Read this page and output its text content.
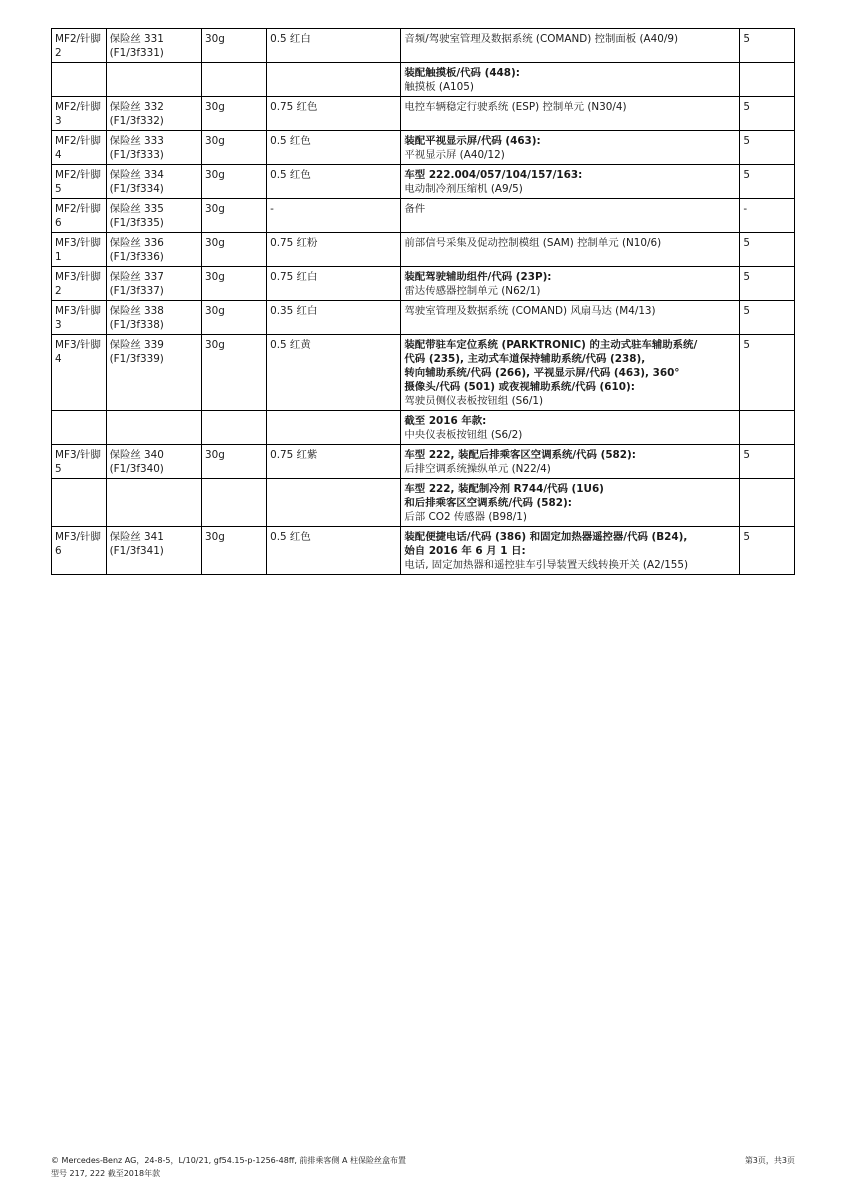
MF2/针脚
2	保险丝 331
(F1/3f331)	30g	0.5 红白	音频/驾驶室管理及数据系统 (COMAND) 控制面板 (A40/9)	5

				装配触摸板/代码 (448):
触摸板 (A105)	

MF2/针脚
3	保险丝 332
(F1/3f332)	30g	0.75 红色	电控车辆稳定行驶系统 (ESP) 控制单元 (N30/4)	5

MF2/针脚
4	保险丝 333
(F1/3f333)	30g	0.5 红色	装配平视显示屏/代码 (463):
平视显示屏 (A40/12)	5

MF2/针脚
5	保险丝 334
(F1/3f334)	30g	0.5 红色	车型 222.004/057/104/157/163:
电动制冷剂压缩机 (A9/5)	5

MF2/针脚
6	保险丝 335
(F1/3f335)	30g	-	备件	-

MF3/针脚 1	保险丝 336
(F1/3f336)	30g	0.75 红粉	前部信号采集及促动控制模组 (SAM) 控制单元 (N10/6)	5

MF3/针脚
2	保险丝 337
(F1/3f337)	30g	0.75 红白	装配驾驶辅助组件/代码 (23P):
雷达传感器控制单元 (N62/1)	5

MF3/针脚
3	保险丝 338
(F1/3f338)	30g	0.35 红白	驾驶室管理及数据系统 (COMAND) 风扇马达 (M4/13)	5

MF3/针脚
4	保险丝 339
(F1/3f339)	30g	0.5 红黄	装配带驻车定位系统 (PARKTRONIC) 的主动式驻车辅助系统/
代码 (235), 主动式车道保持辅助系统/代码 (238),
转向辅助系统/代码 (266), 平视显示屏/代码 (463), 360°
摄像头/代码 (501) 或夜视辅助系统/代码 (610):
驾驶员侧仪表板按钮组 (S6/1)	5

				截至 2016 年款:
中央仪表板按钮组 (S6/2)	

MF3/针脚
5	保险丝 340
(F1/3f340)	30g	0.75 红紫	车型 222, 装配后排乘客区空调系统/代码 (582):
后排空调系统操纵单元 (N22/4)	5

				车型 222, 装配制冷剂 R744/代码 (1U6)
和后排乘客区空调系统/代码 (582):
后部 CO2 传感器 (B98/1)	

MF3/针脚
6	保险丝 341
(F1/3f341)	30g	0.5 红色	装配便捷电话/代码 (386) 和固定加热器遥控器/代码 (B24),
始自 2016 年 6 月 1 日:
电话, 固定加热器和遥控驻车引导装置天线转换开关 (A2/155)	5
© Mercedes-Benz AG，24-8-5，L/10/21, gf54.15-p-1256-48ff, 前排乘客侧 A 柱保险丝盒布置
型号 217, 222 截至2018年款
第3页，共3页
